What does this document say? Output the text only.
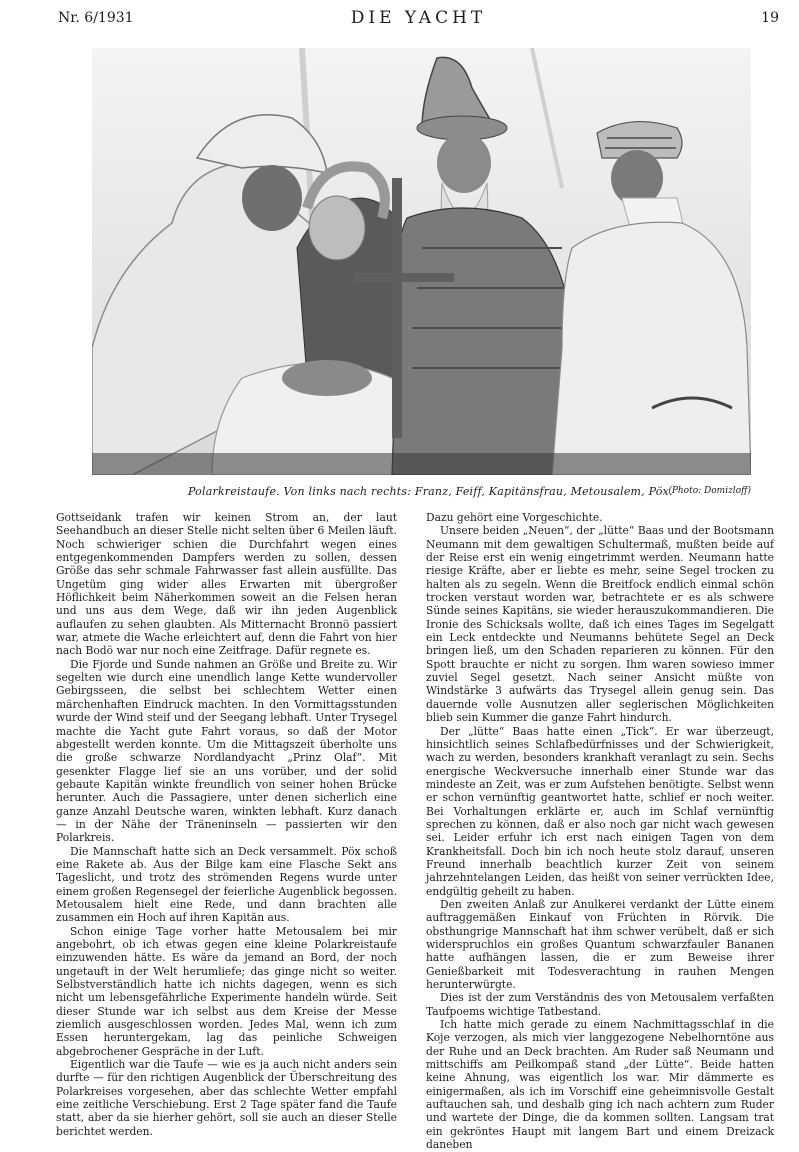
Nr. 6/1931	DIE YACHT	19
Polarkreistaufe. Von links nach rechts: Franz, Feiff, Kapitänsfrau, Metousalem, Pöx.
(Photo: Domizloff)

Gottseidank trafen wir keinen Strom an, der laut Seehandbuch an dieser Stelle nicht selten über 6 Meilen läuft. Noch schwieriger schien die Durchfahrt wegen eines entgegenkommenden Dampfers werden zu sollen, dessen Größe das sehr schmale Fahrwasser fast allein ausfüllte. Das Ungetüm ging wider alles Erwarten mit übergroßer Höflichkeit beim Näherkommen soweit an die Felsen heran und uns aus dem Wege, daß wir ihn jeden Augenblick auflaufen zu sehen glaubten. Als Mitternacht Bronnö passiert war, atmete die Wache erleichtert auf, denn die Fahrt von hier nach Bodö war nur noch eine Zeitfrage. Dafür regnete es.

Die Fjorde und Sunde nahmen an Größe und Breite zu. Wir segelten wie durch eine unendlich lange Kette wundervoller Gebirgsseen, die selbst bei schlechtem Wetter einen märchenhaften Eindruck machten. In den Vormittagsstunden wurde der Wind steif und der Seegang lebhaft. Unter Trysegel machte die Yacht gute Fahrt voraus, so daß der Motor abgestellt werden konnte. Um die Mittagszeit überholte uns die große schwarze Nordlandyacht „Prinz Olaf“. Mit gesenkter Flagge lief sie an uns vorüber, und der solid gebaute Kapitän winkte freundlich von seiner hohen Brücke herunter. Auch die Passagiere, unter denen sicherlich eine ganze Anzahl Deutsche waren, winkten lebhaft. Kurz danach — in der Nähe der Träneninseln — passierten wir den Polarkreis.

Die Mannschaft hatte sich an Deck versammelt. Pöx schoß eine Rakete ab. Aus der Bilge kam eine Flasche Sekt ans Tageslicht, und trotz des strömenden Regens wurde unter einem großen Regensegel der feierliche Augenblick begossen. Metousalem hielt eine Rede, und dann brachten alle zusammen ein Hoch auf ihren Kapitän aus.

Schon einige Tage vorher hatte Metousalem bei mir angebohrt, ob ich etwas gegen eine kleine Polarkreistaufe einzuwenden hätte. Es wäre da jemand an Bord, der noch ungetauft in der Welt herumliefe; das ginge nicht so weiter. Selbstverständlich hatte ich nichts dagegen, wenn es sich nicht um lebensgefährliche Experimente handeln würde. Seit dieser Stunde war ich selbst aus dem Kreise der Messe ziemlich ausgeschlossen worden. Jedes Mal, wenn ich zum Essen heruntergekam, lag das peinliche Schweigen abgebrochener Gespräche in der Luft.

Eigentlich war die Taufe — wie es ja auch nicht anders sein durfte — für den richtigen Augenblick der Überschreitung des Polarkreises vorgesehen, aber das schlechte Wetter empfahl eine zeitliche Verschiebung. Erst 2 Tage später fand die Taufe statt, aber da sie hierher gehört, soll sie auch an dieser Stelle berichtet werden.

Dazu gehört eine Vorgeschichte.

Unsere beiden „Neuen“, der „lütte“ Baas und der Bootsmann Neumann mit dem gewaltigen Schultermaß, mußten beide auf der Reise erst ein wenig eingetrimmt werden. Neumann hatte riesige Kräfte, aber er liebte es mehr, seine Segel trocken zu halten als zu segeln. Wenn die Breitfock endlich einmal schön trocken verstaut worden war, betrachtete er es als schwere Sünde seines Kapitäns, sie wieder herauszukommandieren. Die Ironie des Schicksals wollte, daß ich eines Tages im Segelgatt ein Leck entdeckte und Neumanns behütete Segel an Deck bringen ließ, um den Schaden reparieren zu können. Für den Spott brauchte er nicht zu sorgen. Ihm waren sowieso immer zuviel Segel gesetzt. Nach seiner Ansicht müßte von Windstärke 3 aufwärts das Trysegel allein genug sein. Das dauernde volle Ausnutzen aller seglerischen Möglichkeiten blieb sein Kummer die ganze Fahrt hindurch.

Der „lütte“ Baas hatte einen „Tick“. Er war überzeugt, hinsichtlich seines Schlafbedürfnisses und der Schwierigkeit, wach zu werden, besonders krankhaft veranlagt zu sein. Sechs energische Weckversuche innerhalb einer Stunde war das mindeste an Zeit, was er zum Aufstehen benötigte. Selbst wenn er schon vernünftig geantwortet hatte, schlief er noch weiter. Bei Vorhaltungen erklärte er, auch im Schlaf vernünftig sprechen zu können, daß er also noch gar nicht wach gewesen sei. Leider erfuhr ich erst nach einigen Tagen von dem Krankheitsfall. Doch bin ich noch heute stolz darauf, unseren Freund innerhalb beachtlich kurzer Zeit von seinem jahrzehntelangen Leiden, das heißt von seiner verrückten Idee, endgültig geheilt zu haben.

Den zweiten Anlaß zur Anulkerei verdankt der Lütte einem auftraggemäßen Einkauf von Früchten in Rörvik. Die obsthungrige Mannschaft hat ihm schwer verübelt, daß er sich widerspruchlos ein großes Quantum schwarzfauler Bananen hatte aufhängen lassen, die er zum Beweise ihrer Genießbarkeit mit Todesverachtung in rauhen Mengen herunterwürgte.

Dies ist der zum Verständnis des von Metousalem verfaßten Taufpoems wichtige Tatbestand.

Ich hatte mich gerade zu einem Nachmittagsschlaf in die Koje verzogen, als mich vier langgezogene Nebelhorntöne aus der Ruhe und an Deck brachten. Am Ruder saß Neumann und mittschiffs am Peilkompaß stand „der Lütte“. Beide hatten keine Ahnung, was eigentlich los war. Mir dämmerte es einigermaßen, als ich im Vorschiff eine geheimnisvolle Gestalt auftauchen sah, und deshalb ging ich nach achtern zum Ruder und wartete der Dinge, die da kommen sollten. Langsam trat ein gekröntes Haupt mit langem Bart und einem Dreizack daneben
